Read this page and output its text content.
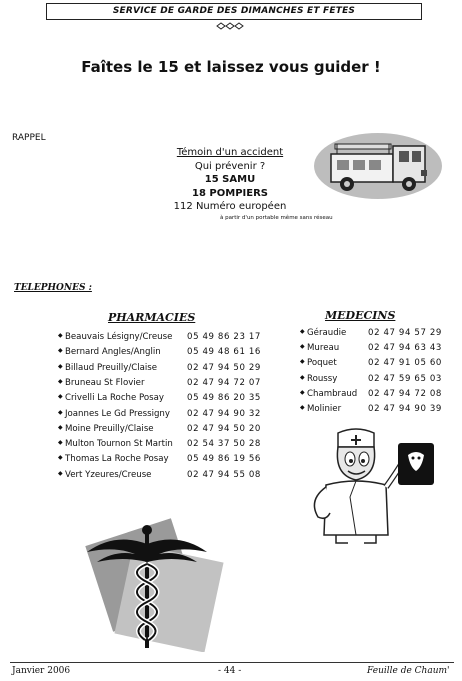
SERVICE DE GARDE DES DIMANCHES ET FETES
Faîtes le 15 et laissez vous guider !
RAPPEL
Témoin d'un accident
Qui prévenir ?
15 SAMU
18 POMPIERS
112 Numéro européen
à partir d'un portable même sans réseau
TELEPHONES :
PHARMACIES	MEDECINS
◆ Beauvais Lésigny/Creuse 05 49 86 23 17
◆ Bernard Angles/Anglin	05 49 48 61 16
◆ Billaud Preuilly/Claise	02 47 94 50 29
◆ Bruneau St Flovier	02 47 94 72 07
◆ Crivelli La Roche Posay	05 49 86 20 35
◆ Joannes Le Gd Pressigny 02 47 94 90 32
◆ Moine Preuilly/Claise	02 47 94 50 20
◆ Multon Tournon St Martin 02 54 37 50 28
◆ Thomas La Roche Posay 05 49 86 19 56
◆ Vert Yzeures/Creuse	02 47 94 55 08
◆ Géraudie	02 47 94 57 29
◆ Mureau	02 47 94 63 43
◆ Poquet	02 47 91 05 60
◆ Roussy	02 47 59 65 03
◆ Chambraud 02 47 94 72 08
◆ Molinier	02 47 94 90 39
Janvier 2006	- 44 -	Feuille de Chaum'
